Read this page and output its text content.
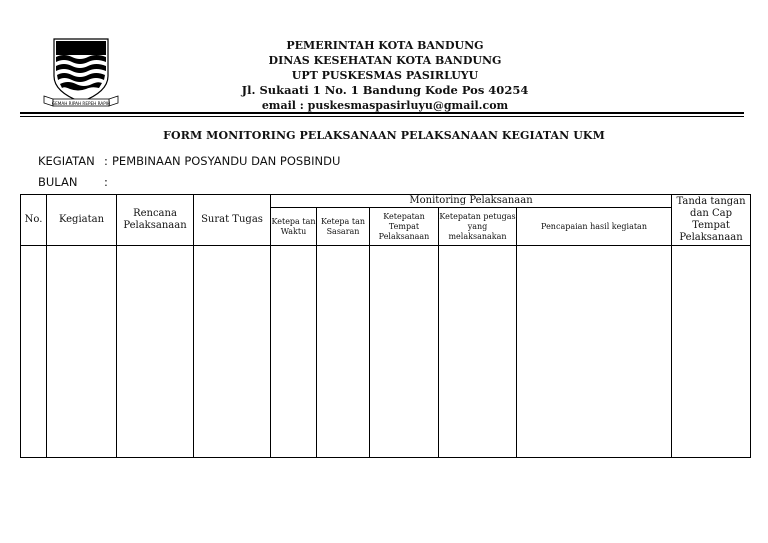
GEMAH RIPAH REPEH RAPIH
PEMERINTAH KOTA BANDUNG
DINAS KESEHATAN KOTA BANDUNG
UPT PUSKESMAS PASIRLUYU
Jl. Sukaati 1 No. 1 Bandung Kode Pos 40254
email : puskesmaspasirluyu@gmail.com
FORM MONITORING PELAKSANAAN PELAKSANAAN KEGIATAN UKM
KEGIATAN : PEMBINAAN POSYANDU DAN POSBINDU
BULAN :
No.	Kegiatan	Rencana Pelaksanaan	Surat Tugas	Monitoring Pelaksanaan					Tanda tangan dan Cap Tempat Pelaksanaan
				Ketepa tan Waktu	Ketepa tan Sasaran	Ketepatan Tempat Pelaksanaan	Ketepatan petugas yang melaksanakan	Pencapaian hasil kegiatan	
